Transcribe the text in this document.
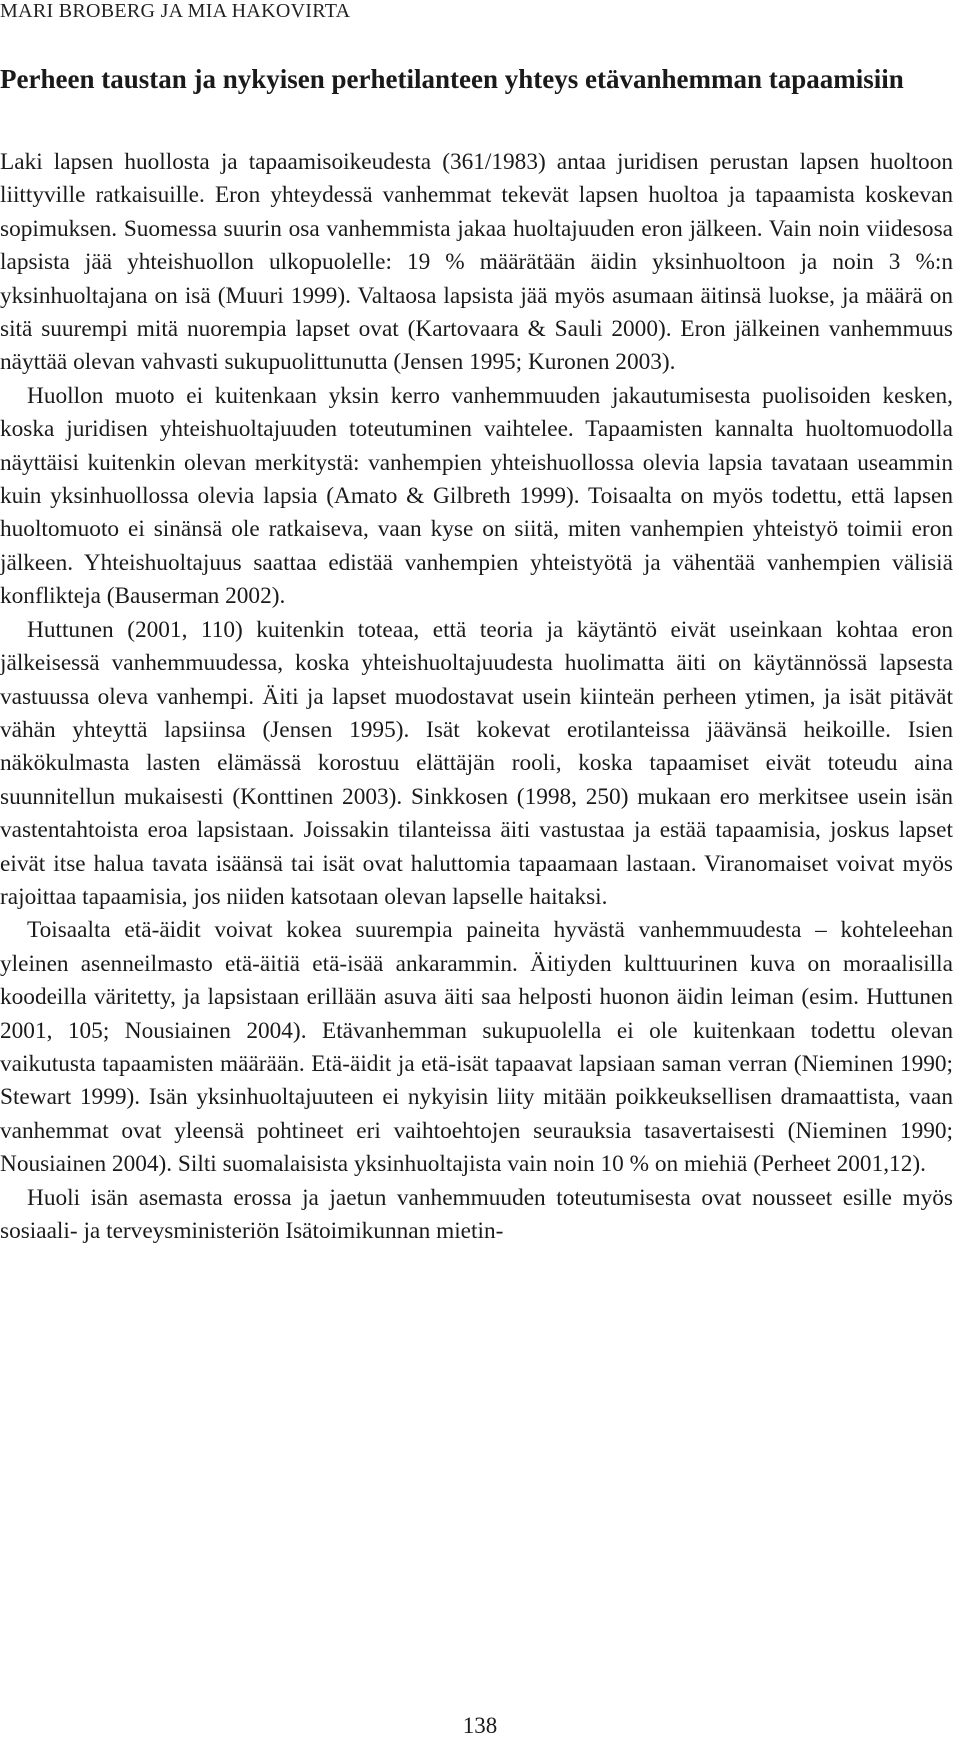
MARI BROBERG JA MIA HAKOVIRTA
Perheen taustan ja nykyisen perhetilanteen yhteys etävanhemman tapaamisiin

Laki lapsen huollosta ja tapaamisoikeudesta (361/1983) antaa juridisen perustan lapsen huoltoon liittyville ratkaisuille. Eron yhteydessä vanhemmat tekevät lapsen huoltoa ja tapaamista koskevan sopimuksen. Suomessa suurin osa vanhemmista jakaa huoltajuuden eron jälkeen. Vain noin viidesosa lapsista jää yhteishuollon ulkopuolelle: 19 % määrätään äidin yksinhuoltoon ja noin 3 %:n yksinhuoltajana on isä (Muuri 1999). Valtaosa lapsista jää myös asumaan äitinsä luokse, ja määrä on sitä suurempi mitä nuorempia lapset ovat (Kartovaara & Sauli 2000). Eron jälkeinen vanhemmuus näyttää olevan vahvasti sukupuolittunutta (Jensen 1995; Kuronen 2003).

Huollon muoto ei kuitenkaan yksin kerro vanhemmuuden jakautumisesta puolisoiden kesken, koska juridisen yhteishuoltajuuden toteutuminen vaihtelee. Tapaamisten kannalta huoltomuodolla näyttäisi kuitenkin olevan merkitystä: vanhempien yhteishuollossa olevia lapsia tavataan useammin kuin yksinhuollossa olevia lapsia (Amato & Gilbreth 1999). Toisaalta on myös todettu, että lapsen huoltomuoto ei sinänsä ole ratkaiseva, vaan kyse on siitä, miten vanhempien yhteistyö toimii eron jälkeen. Yhteishuoltajuus saattaa edistää vanhempien yhteistyötä ja vähentää vanhempien välisiä konflikteja (Bauserman 2002).

Huttunen (2001, 110) kuitenkin toteaa, että teoria ja käytäntö eivät useinkaan kohtaa eron jälkeisessä vanhemmuudessa, koska yhteishuoltajuudesta huolimatta äiti on käytännössä lapsesta vastuussa oleva vanhempi. Äiti ja lapset muodostavat usein kiinteän perheen ytimen, ja isät pitävät vähän yhteyttä lapsiinsa (Jensen 1995). Isät kokevat erotilanteissa jäävänsä heikoille. Isien näkökulmasta lasten elämässä korostuu elättäjän rooli, koska tapaamiset eivät toteudu aina suunnitellun mukaisesti (Konttinen 2003). Sinkkosen (1998, 250) mukaan ero merkitsee usein isän vastentahtoista eroa lapsistaan. Joissakin tilanteissa äiti vastustaa ja estää tapaamisia, joskus lapset eivät itse halua tavata isäänsä tai isät ovat haluttomia tapaamaan lastaan. Viranomaiset voivat myös rajoittaa tapaamisia, jos niiden katsotaan olevan lapselle haitaksi.

Toisaalta etä-äidit voivat kokea suurempia paineita hyvästä vanhemmuudesta – kohteleehan yleinen asenneilmasto etä-äitiä etä-isää ankarammin. Äitiyden kulttuurinen kuva on moraalisilla koodeilla väritetty, ja lapsistaan erillään asuva äiti saa helposti huonon äidin leiman (esim. Huttunen 2001, 105; Nousiainen 2004). Etävanhemman sukupuolella ei ole kuitenkaan todettu olevan vaikutusta tapaamisten määrään. Etä-äidit ja etä-isät tapaavat lapsiaan saman verran (Nieminen 1990; Stewart 1999). Isän yksinhuoltajuuteen ei nykyisin liity mitään poikkeuksellisen dramaattista, vaan vanhemmat ovat yleensä pohtineet eri vaihtoehtojen seurauksia tasavertaisesti (Nieminen 1990; Nousiainen 2004). Silti suomalaisista yksinhuoltajista vain noin 10 % on miehiä (Perheet 2001,12).

Huoli isän asemasta erossa ja jaetun vanhemmuuden toteutumisesta ovat nousseet esille myös sosiaali- ja terveysministeriön Isätoimikunnan mietin-

138
